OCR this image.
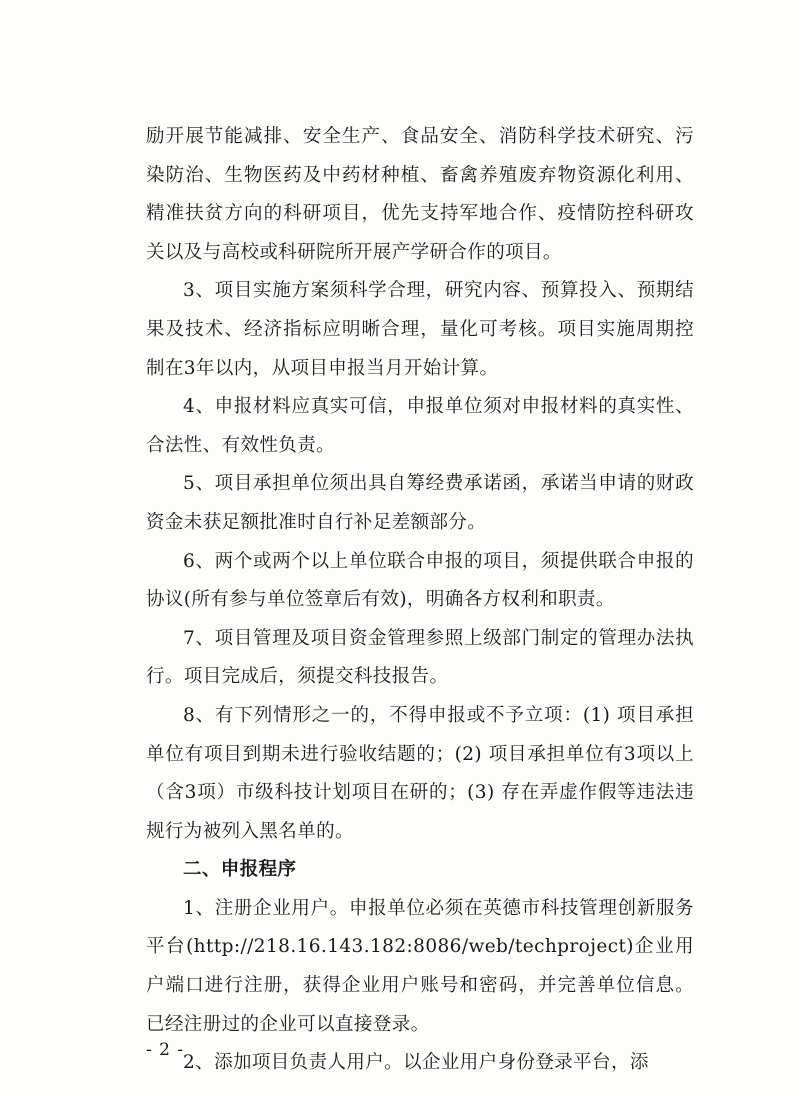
励开展节能减排、安全生产、食品安全、消防科学技术研究、污染防治、生物医药及中药材种植、畜禽养殖废弃物资源化利用、精准扶贫方向的科研项目，优先支持军地合作、疫情防控科研攻关以及与高校或科研院所开展产学研合作的项目。

3、项目实施方案须科学合理，研究内容、预算投入、预期结果及技术、经济指标应明晰合理，量化可考核。项目实施周期控制在3年以内，从项目申报当月开始计算。

4、申报材料应真实可信，申报单位须对申报材料的真实性、合法性、有效性负责。

5、项目承担单位须出具自筹经费承诺函，承诺当申请的财政资金未获足额批准时自行补足差额部分。

6、两个或两个以上单位联合申报的项目，须提供联合申报的协议(所有参与单位签章后有效)，明确各方权利和职责。

7、项目管理及项目资金管理参照上级部门制定的管理办法执行。项目完成后，须提交科技报告。

8、有下列情形之一的，不得申报或不予立项：(1) 项目承担单位有项目到期未进行验收结题的；(2) 项目承担单位有3项以上（含3项）市级科技计划项目在研的；(3) 存在弄虚作假等违法违规行为被列入黑名单的。

二、申报程序

1、注册企业用户。申报单位必须在英德市科技管理创新服务平台(http://218.16.143.182:8086/web/techproject)企业用户端口进行注册，获得企业用户账号和密码，并完善单位信息。已经注册过的企业可以直接登录。

2、添加项目负责人用户。以企业用户身份登录平台，添

- 2 -
